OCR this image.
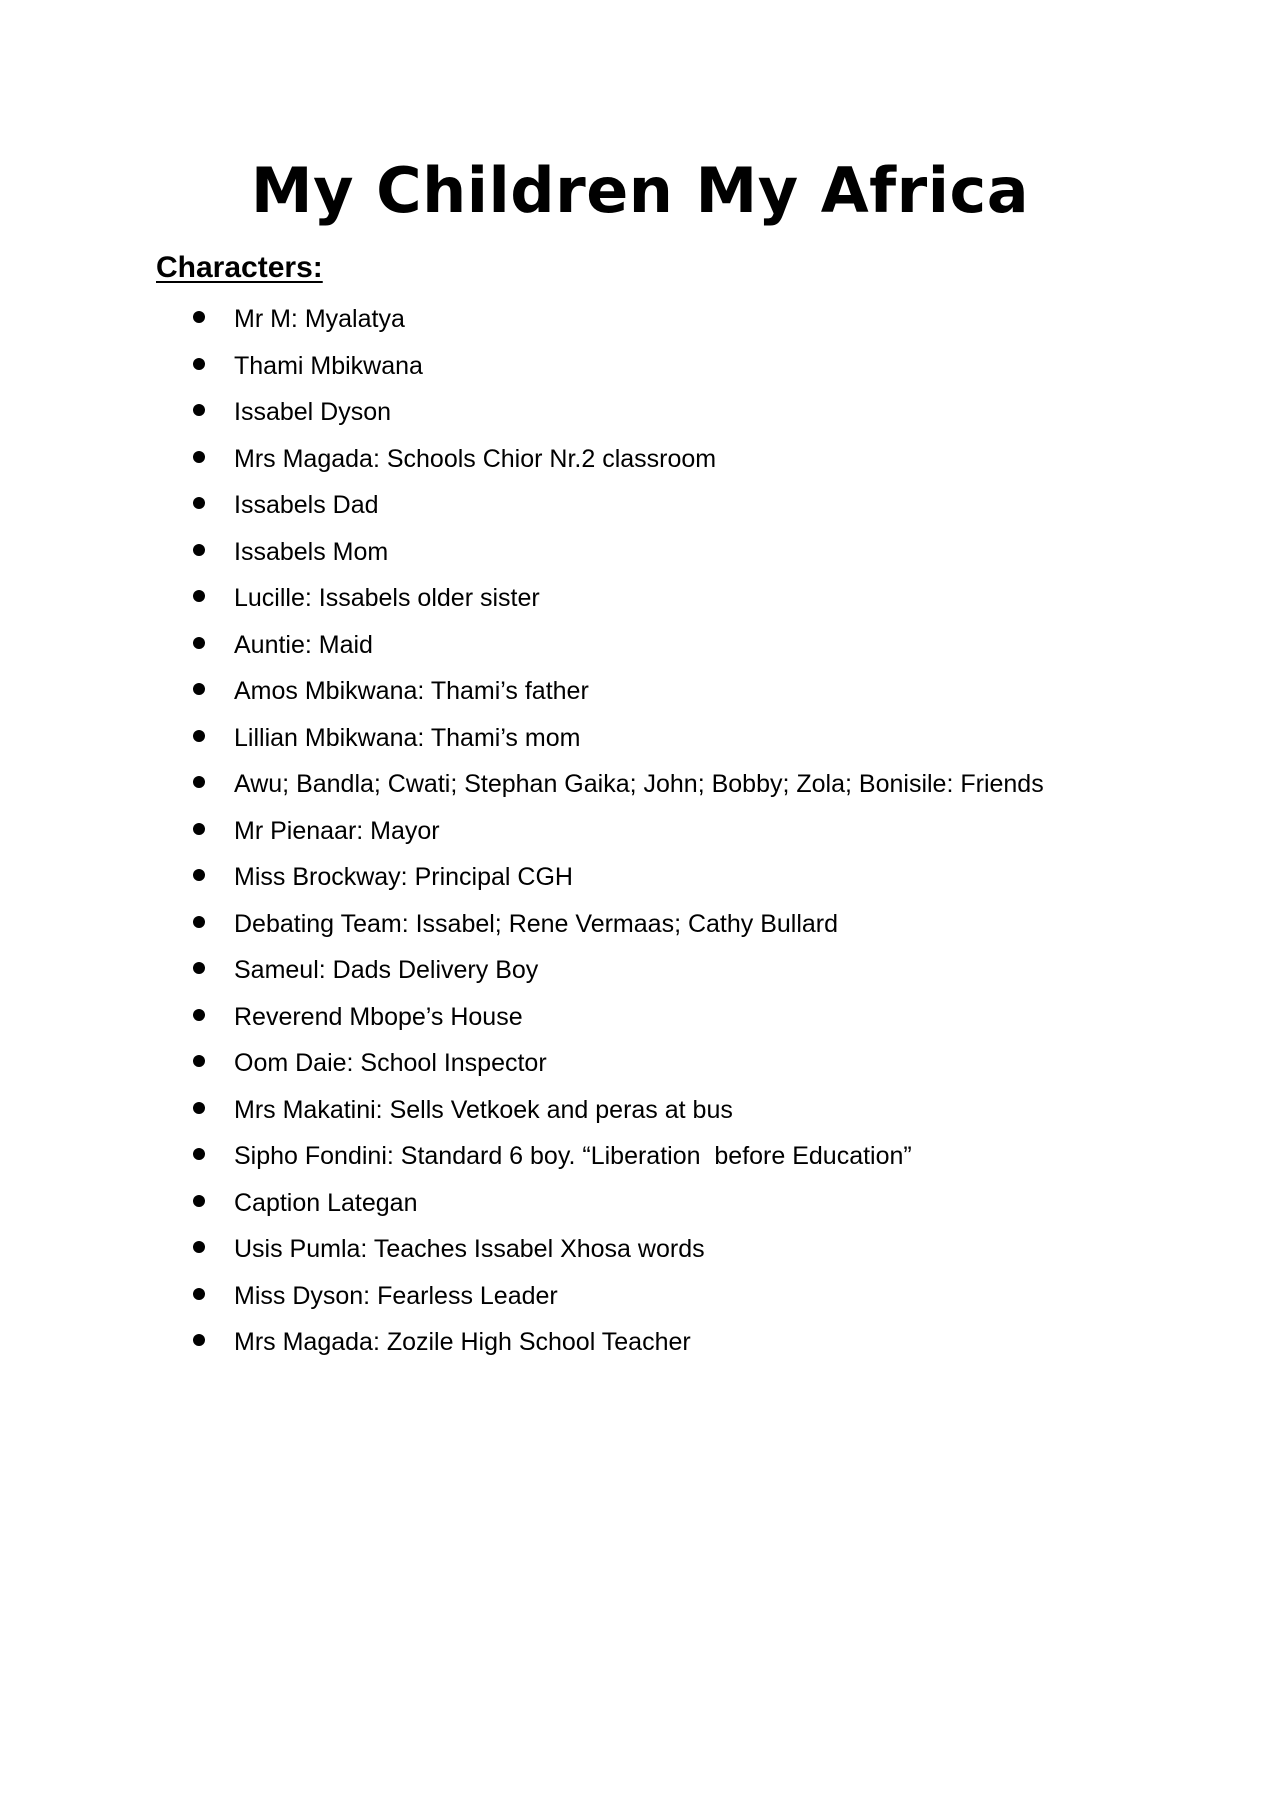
My Children My Africa
Characters:
Mr M: Myalatya
Thami Mbikwana
Issabel Dyson
Mrs Magada: Schools Chior Nr.2 classroom
Issabels Dad
Issabels Mom
Lucille: Issabels older sister
Auntie: Maid
Amos Mbikwana: Thami’s father
Lillian Mbikwana: Thami’s mom
Awu; Bandla; Cwati; Stephan Gaika; John; Bobby; Zola; Bonisile: Friends
Mr Pienaar: Mayor
Miss Brockway: Principal CGH
Debating Team: Issabel; Rene Vermaas; Cathy Bullard
Sameul: Dads Delivery Boy
Reverend Mbope’s House
Oom Daie: School Inspector
Mrs Makatini: Sells Vetkoek and peras at bus
Sipho Fondini: Standard 6 boy. “Liberation  before Education”
Caption Lategan
Usis Pumla: Teaches Issabel Xhosa words
Miss Dyson: Fearless Leader
Mrs Magada: Zozile High School Teacher
